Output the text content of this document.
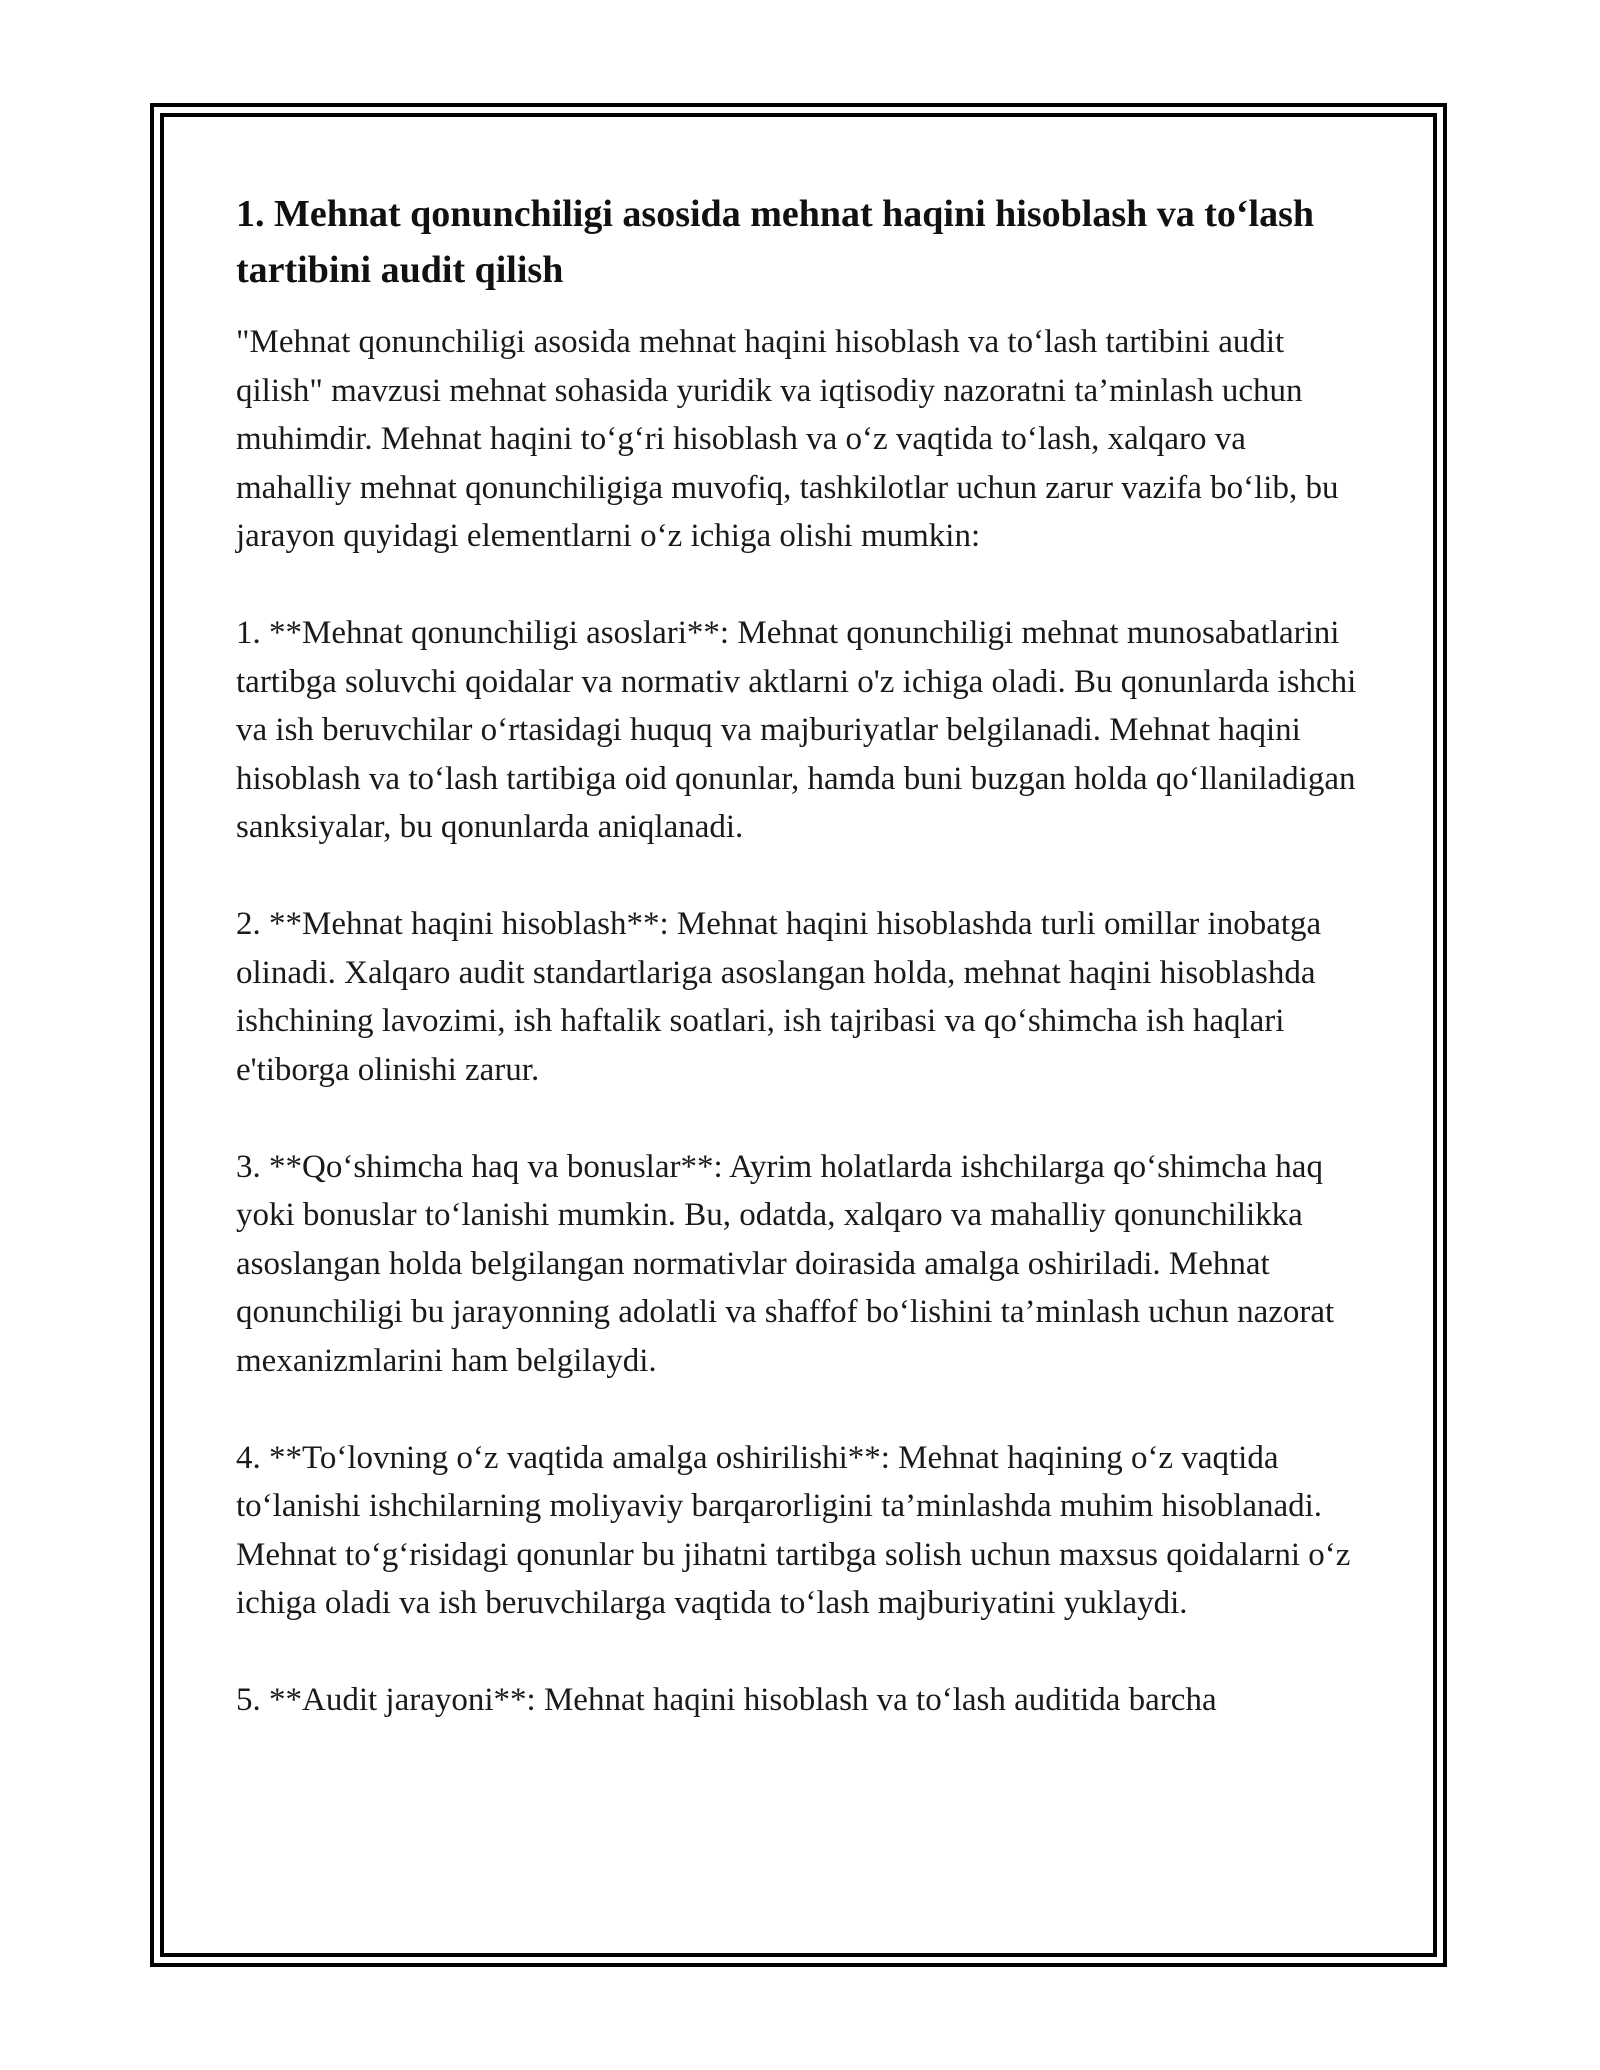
1. Mehnat qonunchiligi asosida mehnat haqini hisoblash va to‘lash tartibini audit qilish

"Mehnat qonunchiligi asosida mehnat haqini hisoblash va to‘lash tartibini audit qilish" mavzusi mehnat sohasida yuridik va iqtisodiy nazoratni ta’minlash uchun muhimdir. Mehnat haqini to‘g‘ri hisoblash va o‘z vaqtida to‘lash, xalqaro va mahalliy mehnat qonunchiligiga muvofiq, tashkilotlar uchun zarur vazifa bo‘lib, bu jarayon quyidagi elementlarni o‘z ichiga olishi mumkin:

1. **Mehnat qonunchiligi asoslari**: Mehnat qonunchiligi mehnat munosabatlarini tartibga soluvchi qoidalar va normativ aktlarni o'z ichiga oladi. Bu qonunlarda ishchi va ish beruvchilar o‘rtasidagi huquq va majburiyatlar belgilanadi. Mehnat haqini hisoblash va to‘lash tartibiga oid qonunlar, hamda buni buzgan holda qo‘llaniladigan sanksiyalar, bu qonunlarda aniqlanadi.

2. **Mehnat haqini hisoblash**: Mehnat haqini hisoblashda turli omillar inobatga olinadi. Xalqaro audit standartlariga asoslangan holda, mehnat haqini hisoblashda ishchining lavozimi, ish haftalik soatlari, ish tajribasi va qo‘shimcha ish haqlari e'tiborga olinishi zarur.

3. **Qo‘shimcha haq va bonuslar**: Ayrim holatlarda ishchilarga qo‘shimcha haq yoki bonuslar to‘lanishi mumkin. Bu, odatda, xalqaro va mahalliy qonunchilikka asoslangan holda belgilangan normativlar doirasida amalga oshiriladi. Mehnat qonunchiligi bu jarayonning adolatli va shaffof bo‘lishini ta’minlash uchun nazorat mexanizmlarini ham belgilaydi.

4. **To‘lovning o‘z vaqtida amalga oshirilishi**: Mehnat haqining o‘z vaqtida to‘lanishi ishchilarning moliyaviy barqarorligini ta’minlashda muhim hisoblanadi. Mehnat to‘g‘risidagi qonunlar bu jihatni tartibga solish uchun maxsus qoidalarni o‘z ichiga oladi va ish beruvchilarga vaqtida to‘lash majburiyatini yuklaydi.

5. **Audit jarayoni**: Mehnat haqini hisoblash va to‘lash auditida barcha
